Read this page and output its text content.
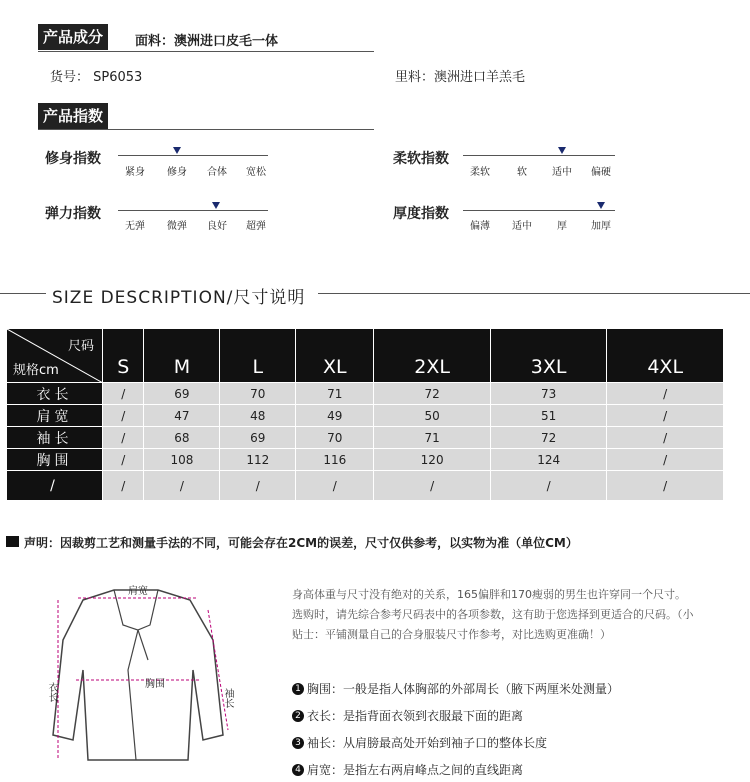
产品成分	面料：澳洲进口皮毛一体
货号： SP6053	里料：澳洲进口羊羔毛
产品指数
修身指数
紧身	修身	合体	宽松
柔软指数
柔软	软	适中	偏硬
弹力指数
无弹	微弹	良好	超弹
厚度指数
偏薄	适中	厚	加厚
SIZE DESCRIPTION/尺寸说明
尺码
规格cm	S	M	L	XL	2XL	3XL	4XL
衣长	/	69	70	71	72	73	/
肩宽	/	47	48	49	50	51	/
袖长	/	68	69	70	71	72	/
胸围	/	108	112	116	120	124	/
/	/	/	/	/	/	/	/
声明：因裁剪工艺和测量手法的不同，可能会存在2CM的误差，尺寸仅供参考，以实物为准（单位CM）
肩宽
胸围
衣长	袖长
身高体重与尺寸没有绝对的关系，165偏胖和170瘦弱的男生也许穿同一个尺寸。选购时，请先综合参考尺码表中的各项参数，这有助于您选择到更适合的尺码。（小贴士：平铺测量自己的合身服装尺寸作参考，对比选购更准确！）
1 胸围：一般是指人体胸部的外部周长（腋下两厘米处测量）
2 衣长：是指背面衣领到衣服最下面的距离
3 袖长：从肩膀最高处开始到袖子口的整体长度
4 肩宽：是指左右两肩峰点之间的直线距离
